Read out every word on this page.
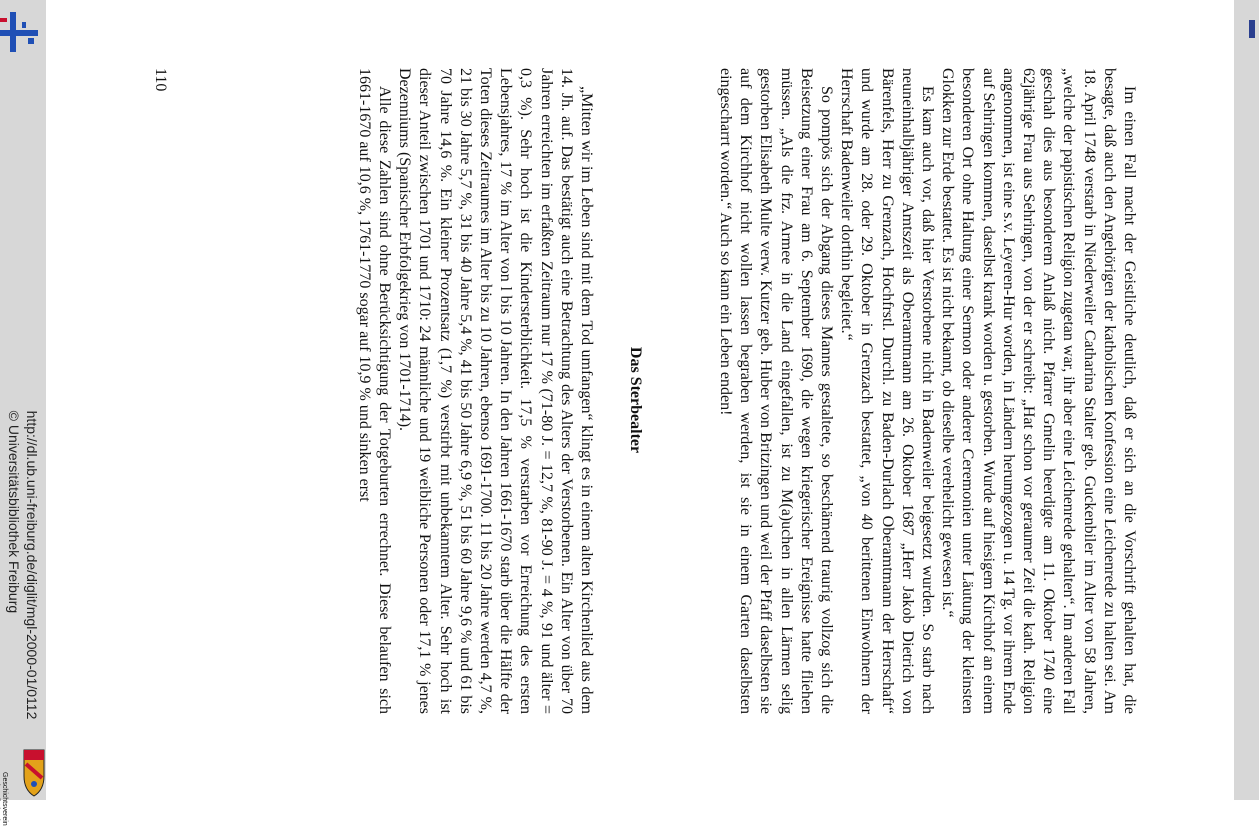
http://dl.ub.uni-freiburg.de/diglit/mgl-2000-01/0112
© Universitätsbibliothek Freiburg
Geschichtsverein

Im einen Fall macht der Geistliche deutlich, daß er sich an die Vorschrift gehalten hat, die besagte, daß auch den Angehörigen der katholischen Konfession eine Leichenrede zu halten sei. Am 18. April 1748 verstarb in Niederweiler Catharina Stalter geb. Guckenbiler im Alter von 58 Jahren, „welche der papistischen Religion zugetan war, ihr aber eine Leichenrede gehalten“. Im anderen Fall geschah dies aus besonderem Anlaß nicht. Pfarrer Gmelin beerdigte am 11. Oktober 1740 eine 62jährige Frau aus Sehringen, von der er schreibt: „Hat schon vor geraumer Zeit die kath. Religion angenommen, ist eine s.v. Leyeren-Hur worden, in Ländern herumgezogen u. 14 Tg. vor ihrem Ende auf Sehringen kommen, daselbst krank worden u. gestorben. Wurde auf hiesigem Kirchhof an einem besonderen Ort ohne Haltung einer Sermon oder anderer Ceremonien unter Läutung der kleinsten Glokken zur Erde bestattet. Es ist nicht bekannt, ob dieselbe verehelicht gewesen ist.“

Es kam auch vor, daß hier Verstorbene nicht in Badenweiler beigesetzt wurden. So starb nach neuneinhalbjähriger Amtszeit als Oberamtmann am 26. Oktober 1687 „Herr Jakob Dietrich von Bärenfels, Herr zu Grenzach, Hochfrstl. Durchl. zu Baden-Durlach Oberamtmann der Herrschaft“ und wurde am 28. oder 29. Oktober in Grenzach bestattet, „von 40 berittenen Einwohnern der Herrschaft Badenweiler dorthin begleitet.“

So pompös sich der Abgang dieses Mannes gestaltete, so beschämend traurig vollzog sich die Beisetzung einer Frau am 6. September 1690, die wegen kriegerischer Ereignisse hatte fliehen müssen. „Als die frz. Armee in die Land eingefallen, ist zu M(a)uchen in allen Lärmen selig gestorben Elisabeth Multe verw. Kutzer geb. Huber von Britzingen und weil der Pfaff daselbsten sie auf dem Kirchhof nicht wollen lassen begraben werden, ist sie in einem Garten daselbsten eingescharrt worden.“ Auch so kann ein Leben enden!

Das Sterbealter

„Mitten wir im Leben sind mit dem Tod umfangen“ klingt es in einem alten Kirchenlied aus dem 14. Jh. auf. Das bestätigt auch eine Betrachtung des Alters der Verstorbenen. Ein Alter von über 70 Jahren erreichten im erfaßten Zeitraum nur 17 % (71-80 J. = 12,7 %, 81-90 J. = 4 %, 91 und älter = 0,3 %). Sehr hoch ist die Kindersterblichkeit. 17,5 % verstarben vor Erreichung des ersten Lebensjahres, 17 % im Alter von l bis 10 Jahren. In den Jahren 1661-1670 starb über die Hälfte der Toten dieses Zeitraumes im Alter bis zu 10 Jahren, ebenso 1691-1700. 11 bis 20 Jahre werden 4,7 %, 21 bis 30 Jahre 5,7 %, 31 bis 40 Jahre 5,4 %, 41 bis 50 Jahre 6,9 %, 51 bis 60 Jahre 9,6 % und 61 bis 70 Jahre 14,6 %. Ein kleiner Prozentsatz (1,7 %) verstirbt mit unbekanntem Alter. Sehr hoch ist dieser Anteil zwischen 1701 und 1710: 24 männliche und 19 weibliche Personen oder 17,1 % jenes Dezenniums (Spanischer Erbfolgekrieg von 1701-1714).

Alle diese Zahlen sind ohne Berücksichtigung der Totgeburten errechnet. Diese belaufen sich 1661-1670 auf 10,6 %, 1761-1770 sogar auf 10,9 % und sinken erst

110
